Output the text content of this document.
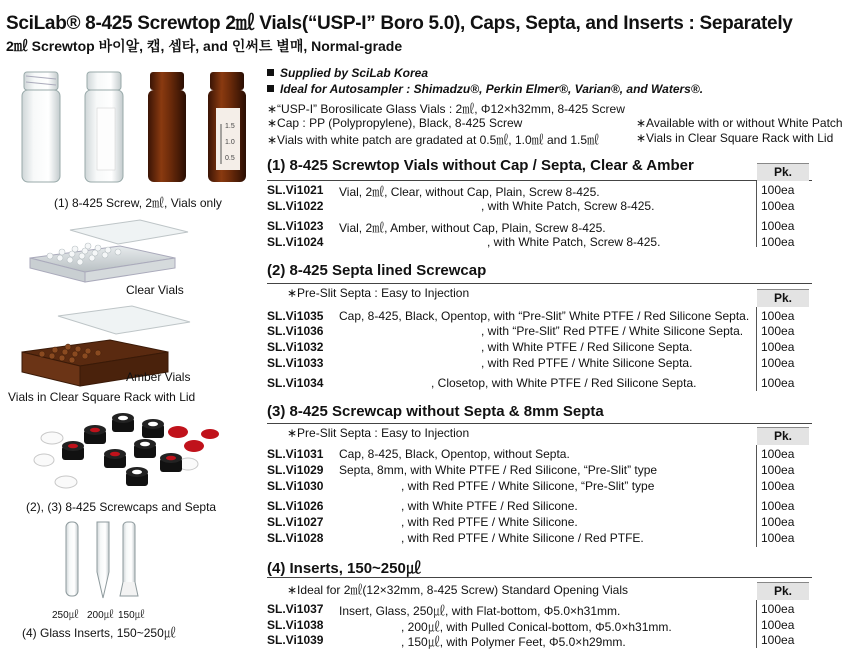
SciLab® 8-425 Screwtop 2㎖ Vials(“USP-I” Boro 5.0), Caps, Septa, and Inserts : Separately
2㎖ Screwtop 바이알, 캡, 셉타, and 인써트 별매, Normal-grade
1.5
1.0
0.5
(1) 8-425 Screw, 2㎖, Vials only
Clear Vials
Amber Vials
Vials in Clear Square Rack with Lid
(2), (3) 8-425 Screwcaps and Septa
250㎕ 200㎕ 150㎕
(4) Glass Inserts, 150~250㎕
Supplied by SciLab Korea
Ideal for Autosampler : Shimadzu®, Perkin Elmer®, Varian®, and Waters®.
∗“USP-I” Borosilicate Glass Vials : 2㎖, Φ12×h32mm, 8-425 Screw
∗Cap : PP (Polypropylene), Black, 8-425 Screw
∗Vials with white patch are gradated at 0.5㎖, 1.0㎖ and 1.5㎖
∗Available with or without White Patch
∗Vials in Clear Square Rack with Lid
(1) 8-425 Screwtop Vials without Cap / Septa, Clear & Amber	Pk.
SL.Vi1021 Vial, 2㎖, Clear, without Cap, Plain, Screw 8-425.	100ea
SL.Vi1022	, with White Patch, Screw 8-425.	100ea
SL.Vi1023 Vial, 2㎖, Amber, without Cap, Plain, Screw 8-425.	100ea
SL.Vi1024	, with White Patch, Screw 8-425.	100ea
(2) 8-425 Septa lined Screwcap
∗Pre-Slit Septa : Easy to Injection	Pk.
SL.Vi1035 Cap, 8-425, Black, Opentop, with “Pre-Slit” White PTFE / Red Silicone Septa. 100ea
SL.Vi1036	, with “Pre-Slit” Red PTFE / White Silicone Septa. 100ea
SL.Vi1032	, with White PTFE / Red Silicone Septa.	100ea
SL.Vi1033	, with Red PTFE / White Silicone Septa.	100ea
SL.Vi1034	, Closetop, with White PTFE / Red Silicone Septa.	100ea
(3) 8-425 Screwcap without Septa & 8mm Septa
∗Pre-Slit Septa : Easy to Injection	Pk.
SL.Vi1031 Cap, 8-425, Black, Opentop, without Septa.	100ea
SL.Vi1029 Septa, 8mm, with White PTFE / Red Silicone, “Pre-Slit” type	100ea
SL.Vi1030	, with Red PTFE / White Silicone, “Pre-Slit” type	100ea
SL.Vi1026	, with White PTFE / Red Silicone.	100ea
SL.Vi1027	, with Red PTFE / White Silicone.	100ea
SL.Vi1028	, with Red PTFE / White Silicone / Red PTFE.	100ea
(4) Inserts, 150~250㎕
∗Ideal for 2㎖(12×32mm, 8-425 Screw) Standard Opening Vials	Pk.
SL.Vi1037 Insert, Glass, 250㎕, with Flat-bottom, Φ5.0×h31mm.	100ea
SL.Vi1038	, 200㎕, with Pulled Conical-bottom, Φ5.0×h31mm.	100ea
SL.Vi1039	, 150㎕, with Polymer Feet, Φ5.0×h29mm.	100ea
